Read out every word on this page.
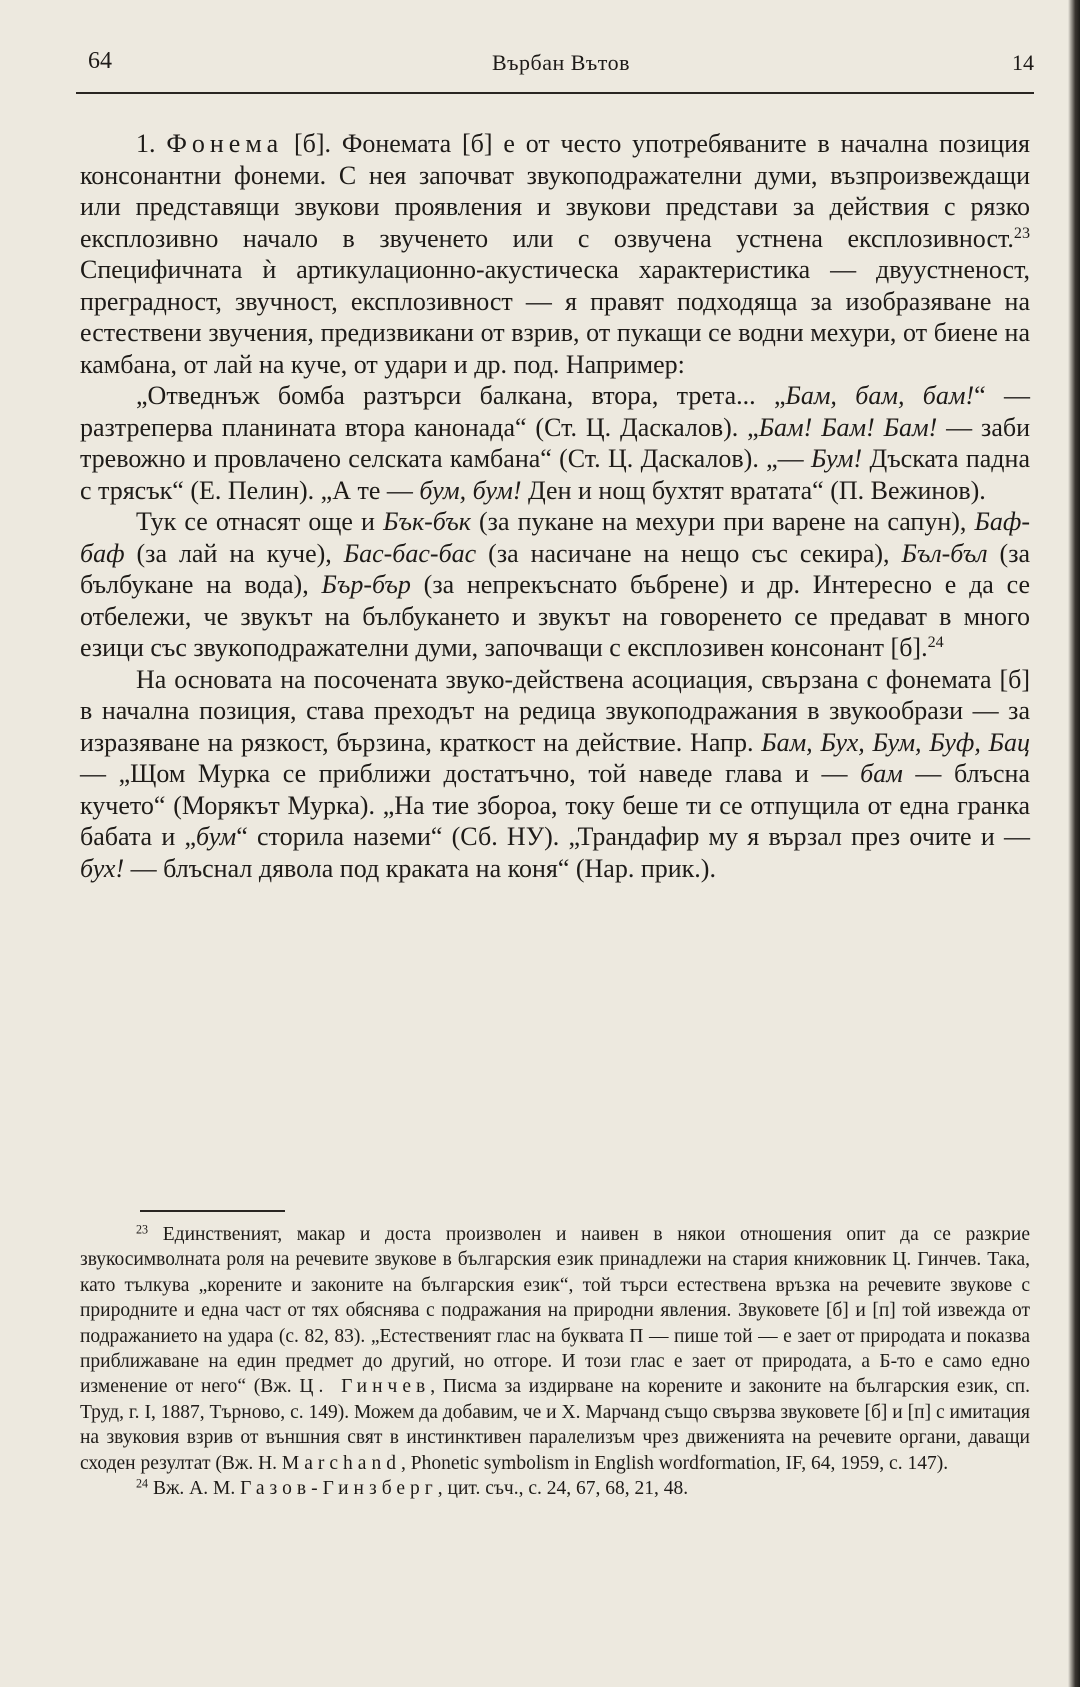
64	Върбан Вътов	14

1. Фонема [б]. Фонемата [б] е от често употребяваните в начална позиция консонантни фонеми. С нея започват звукоподражателни думи, възпроизвеждащи или представящи звукови проявления и звукови представи за действия с рязко експлозивно начало в звученето или с озвучена устнена експлозивност.$^{23}$ Специфичната ѝ артикулационно-акустическа характеристика — двуустненост, преградност, звучност, експлозивност — я правят подходяща за изобразяване на естествени звучения, предизвикани от взрив, от пукащи се водни мехури, от биене на камбана, от лай на куче, от удари и др. под. Например:

„Отведнъж бомба разтърси балкана, втора, трета... „Бам, бам, бам!“ — разтреперва планината втора канонада“ (Ст. Ц. Даскалов). „Бам! Бам! Бам! — заби тревожно и провлачено селската камбана“ (Ст. Ц. Даскалов). „— Бум! Дъската падна с трясък“ (Е. Пелин). „А те — бум, бум! Ден и нощ бухтят вратата“ (П. Вежинов).

Тук се отнасят още и Бък-бък (за пукане на мехури при варене на сапун), Баф-баф (за лай на куче), Бас-бас-бас (за насичане на нещо със секира), Бъл-бъл (за бълбукане на вода), Бър-бър (за непрекъснато бъбрене) и др. Интересно е да се отбележи, че звукът на бълбукането и звукът на говоренето се предават в много езици със звукоподражателни думи, започващи с експлозивен консонант [б].$^{24}$

На основата на посочената звуко-действена асоциация, свързана с фонемата [б] в начална позиция, става преходът на редица звукоподражания в звукообрази — за изразяване на рязкост, бързина, краткост на действие. Напр. Бам, Бух, Бум, Буф, Бац — „Щом Мурка се приближи достатъчно, той наведе глава и — бам — блъсна кучето“ (Морякът Мурка). „На тие збороа, току беше ти се отпущила от една гранка бабата и „бум“ сторила наземи“ (Сб. НУ). „Трандафир му я вързал през очите и — бух! — блъснал дявола под краката на коня“ (Нар. прик.).

$^{23}$ Единственият, макар и доста произволен и наивен в някои отношения опит да се разкрие звукосимволната роля на речевите звукове в българския език принадлежи на стария книжовник Ц. Гинчев. Така, като тълкува „корените и законите на българския език“, той търси естествена връзка на речевите звукове с природните и една част от тях обяснява с подражания на природни явления. Звуковете [б] и [п] той извежда от подражанието на удара (с. 82, 83). „Естественият глас на буквата П — пише той — е зает от природата и показва приближаване на един предмет до другий, но отгоре. И този глас е зает от природата, а Б-то е само едно изменение от него“ (Вж. Ц. Гинчев, Писма за издирване на корените и законите на българския език, сп. Труд, г. I, 1887, Търново, с. 149). Можем да добавим, че и Х. Марчанд също свързва звуковете [б] и [п] с имитация на звуковия взрив от външния свят в инстинктивен паралелизъм чрез движенията на речевите органи, даващи сходен резултат (Вж. Н. Marchand, Phonetic symbolism in English wordformation, IF, 64, 1959, с. 147).

$^{24}$ Вж. А. М. Газов-Гинзберг, цит. съч., с. 24, 67, 68, 21, 48.
